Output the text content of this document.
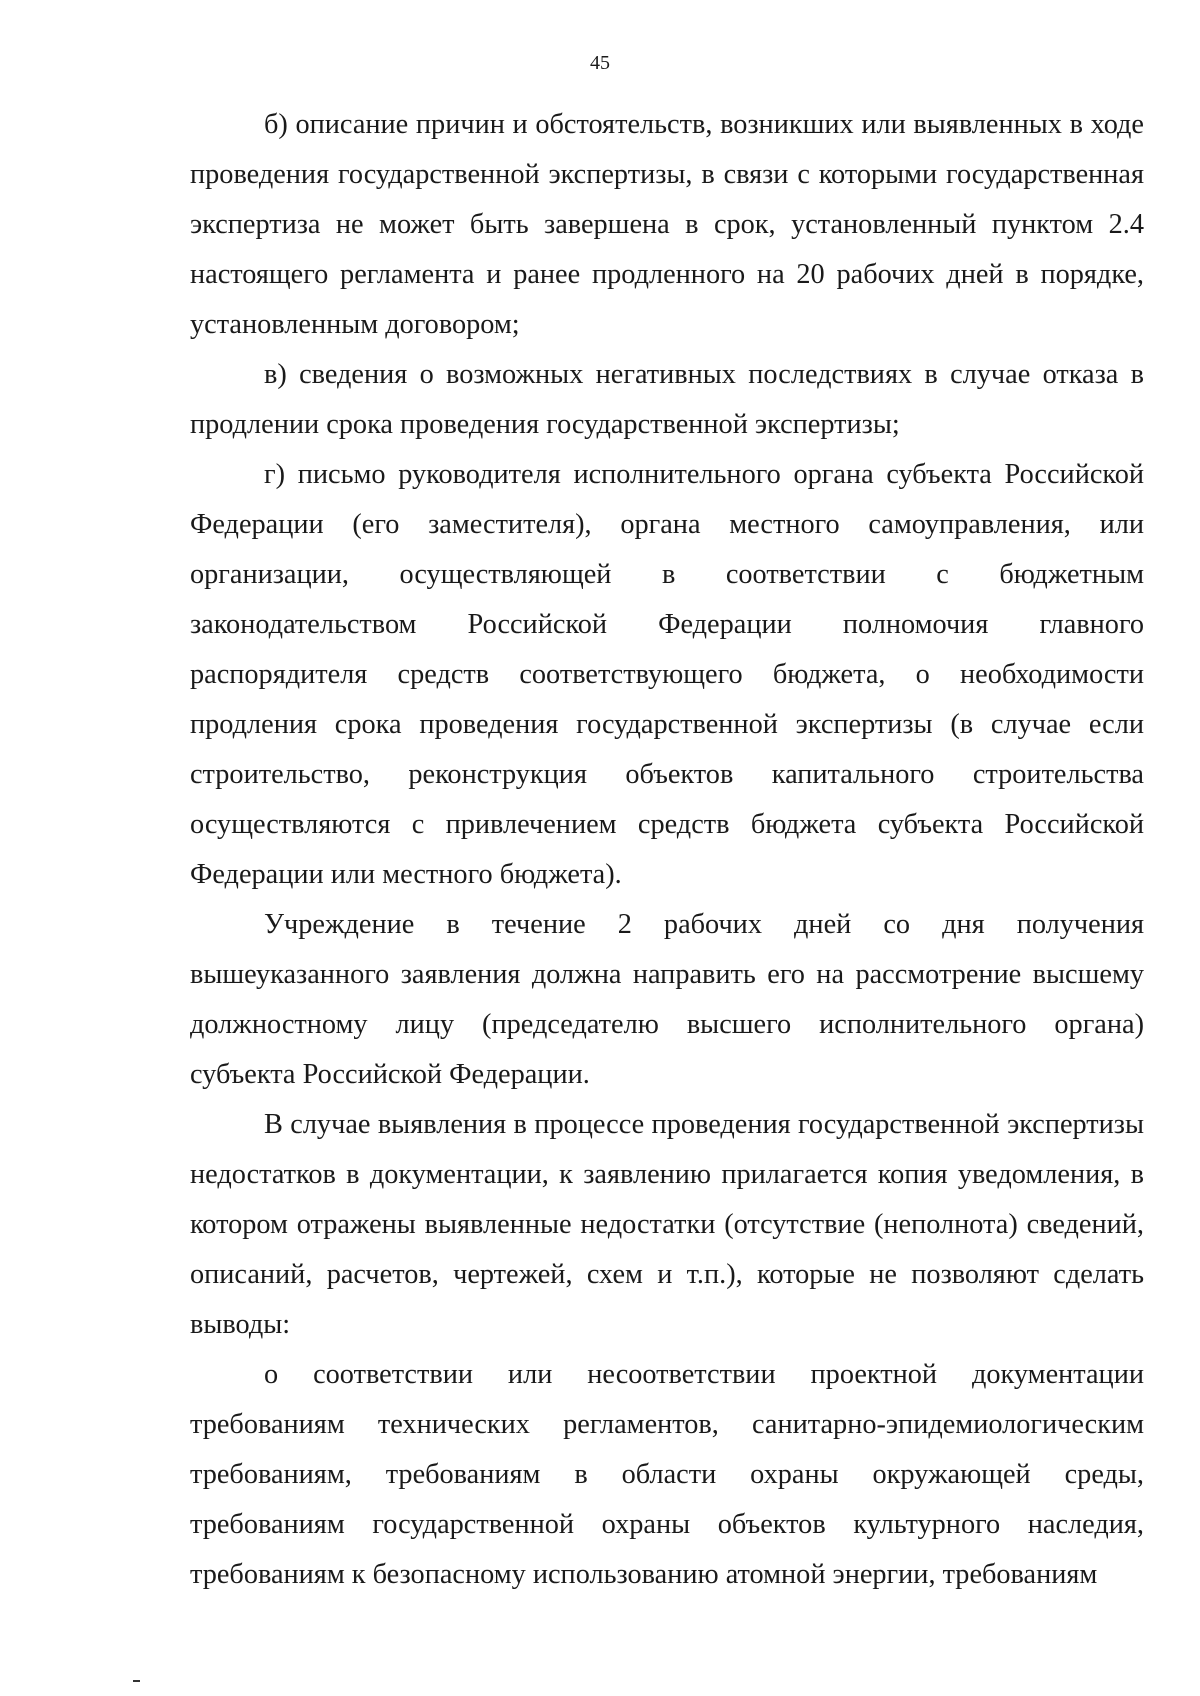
45

б) описание причин и обстоятельств, возникших или выявленных в ходе проведения государственной экспертизы, в связи с которыми государственная экспертиза не может быть завершена в срок, установленный пунктом 2.4 настоящего регламента и ранее продленного на 20 рабочих дней в порядке, установленным договором;

в) сведения о возможных негативных последствиях в случае отказа в продлении срока проведения государственной экспертизы;

г) письмо руководителя исполнительного органа субъекта Российской Федерации (его заместителя), органа местного самоуправления, или организации, осуществляющей в соответствии с бюджетным законодательством Российской Федерации полномочия главного распорядителя средств соответствующего бюджета, о необходимости продления срока проведения государственной экспертизы (в случае если строительство, реконструкция объектов капитального строительства осуществляются с привлечением средств бюджета субъекта Российской Федерации или местного бюджета).

Учреждение в течение 2 рабочих дней со дня получения вышеуказанного заявления должна направить его на рассмотрение высшему должностному лицу (председателю высшего исполнительного органа) субъекта Российской Федерации.

В случае выявления в процессе проведения государственной экспертизы недостатков в документации, к заявлению прилагается копия уведомления, в котором отражены выявленные недостатки (отсутствие (неполнота) сведений, описаний, расчетов, чертежей, схем и т.п.), которые не позволяют сделать выводы:

о соответствии или несоответствии проектной документации требованиям технических регламентов, санитарно-эпидемиологическим требованиям, требованиям в области охраны окружающей среды, требованиям государственной охраны объектов культурного наследия, требованиям к безопасному использованию атомной энергии, требованиям
